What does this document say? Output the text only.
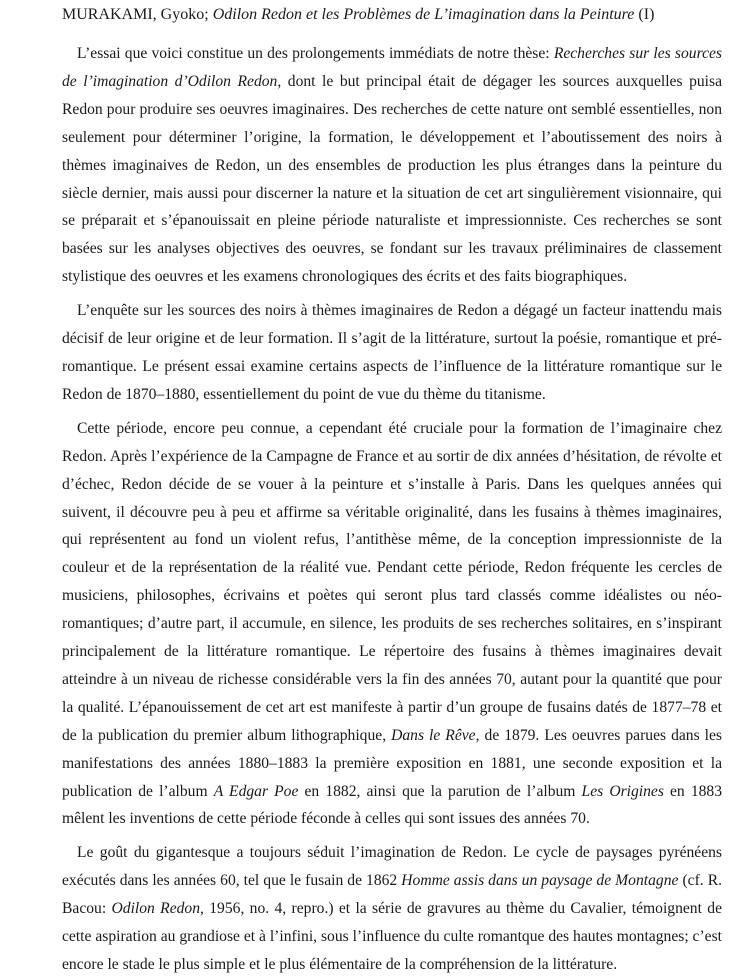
MURAKAMI, Gyoko; Odilon Redon et les Problèmes de L’imagination dans la Peinture (I)

L’essai que voici constitue un des prolongements immédiats de notre thèse: Recherches sur les sources de l’imagination d’Odilon Redon, dont le but principal était de dégager les sources auxquelles puisa Redon pour produire ses oeuvres imaginaires. Des recherches de cette nature ont semblé essentielles, non seulement pour déterminer l’origine, la formation, le développement et l’aboutissement des noirs à thèmes imaginaives de Redon, un des ensembles de production les plus étranges dans la peinture du siècle dernier, mais aussi pour discerner la nature et la situation de cet art singulièrement visionnaire, qui se préparait et s’épanouissait en pleine période naturaliste et impressionniste. Ces recherches se sont basées sur les analyses objectives des oeuvres, se fondant sur les travaux préliminaires de classement stylistique des oeuvres et les examens chronologiques des écrits et des faits biographiques.

L’enquête sur les sources des noirs à thèmes imaginaires de Redon a dégagé un facteur inattendu mais décisif de leur origine et de leur formation. Il s’agit de la littérature, surtout la poésie, romantique et pré-romantique. Le présent essai examine certains aspects de l’influence de la littérature romantique sur le Redon de 1870–1880, essentiellement du point de vue du thème du titanisme.

Cette période, encore peu connue, a cependant été cruciale pour la formation de l’imaginaire chez Redon. Après l’expérience de la Campagne de France et au sortir de dix années d’hésitation, de révolte et d’échec, Redon décide de se vouer à la peinture et s’installe à Paris. Dans les quelques années qui suivent, il découvre peu à peu et affirme sa véritable originalité, dans les fusains à thèmes imaginaires, qui représentent au fond un violent refus, l’antithèse même, de la conception impressionniste de la couleur et de la représentation de la réalité vue. Pendant cette période, Redon fréquente les cercles de musiciens, philosophes, écrivains et poètes qui seront plus tard classés comme idéalistes ou néo-romantiques; d’autre part, il accumule, en silence, les produits de ses recherches solitaires, en s’inspirant principalement de la littérature romantique. Le répertoire des fusains à thèmes imaginaires devait atteindre à un niveau de richesse considérable vers la fin des années 70, autant pour la quantité que pour la qualité. L’épanouissement de cet art est manifeste à partir d’un groupe de fusains datés de 1877–78 et de la publication du premier album lithographique, Dans le Rêve, de 1879. Les oeuvres parues dans les manifestations des années 1880–1883 la première exposition en 1881, une seconde exposition et la publication de l’album A Edgar Poe en 1882, ainsi que la parution de l’album Les Origines en 1883 mêlent les inventions de cette période féconde à celles qui sont issues des années 70.

Le goût du gigantesque a toujours séduit l’imagination de Redon. Le cycle de paysages pyrénéens exécutés dans les années 60, tel que le fusain de 1862 Homme assis dans un paysage de Montagne (cf. R. Bacou: Odilon Redon, 1956, no. 4, repro.) et la série de gravures au thème du Cavalier, témoignent de cette aspiration au grandiose et à l’infini, sous l’influence du culte romantque des hautes montagnes; c’est encore le stade le plus simple et le plus élémentaire de la compréhension de la littérature.
